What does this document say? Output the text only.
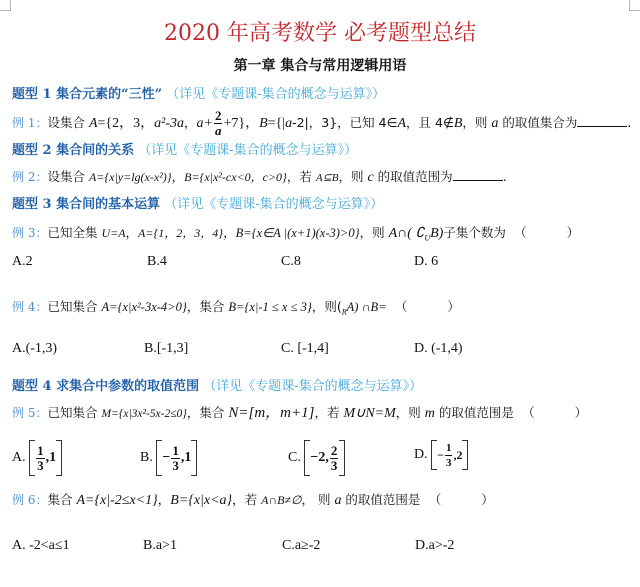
2020 年高考数学 必考题型总结
第一章 集合与常用逻辑用语
题型 1 集合元素的“三性” （详见《专题课-集合的概念与运算》）
例 1：设集合 A={2，3，a²-3a，$a+ \frac{2}{a} +7$}，B={|a-2|，3}，已知 4∈A，且 4∉B，则 a 的取值集合为	.
题型 2 集合间的关系 （详见《专题课-集合的概念与运算》）
例 2：设集合 A={x|y=lg(x-x²)}，B={x|x²-cx<0，c>0}，若 A⊆B，则 c 的取值范围为	.
题型 3 集合间的基本运算 （详见《专题课-集合的概念与运算》）
例 3：已知全集 U=A，A={1，2，3，4}，B={x∈A |(x+1)(x-3)>0}，则 A∩( $∁_UB$)子集个数为 （	）
A.2	B.4	C.8	D. 6
例 4：已知集合 A={x|x²-3x-4>0}，集合 B={x|-1 ≤ x ≤ 3}，则$(_RA)$ ∩B= （	）
A.(-1,3)	B.[-1,3]	C. [-1,4]	D. (-1,4)
题型 4 求集合中参数的取值范围 （详见《专题课-集合的概念与运算》）
例 5：已知集合 M={x|3x²-5x-2≤0}，集合 N=[m，m+1]，若 M∪N=M，则 m 的取值范围是 （	）
A. $\frac{1}{3}$ , 1	B. − $\frac{1}{3}$ , 1	C. −2 , $\frac{2}{3}$	D. − $\frac{1}{3}$ , 2
例 6：集合 A={x|-2≤x<1}，B={x|x<a}，若 A∩B≠∅， 则 a 的取值范围是 （	）
A. -2<a≤1	B.a>1	C.a≥-2	D.a>-2
